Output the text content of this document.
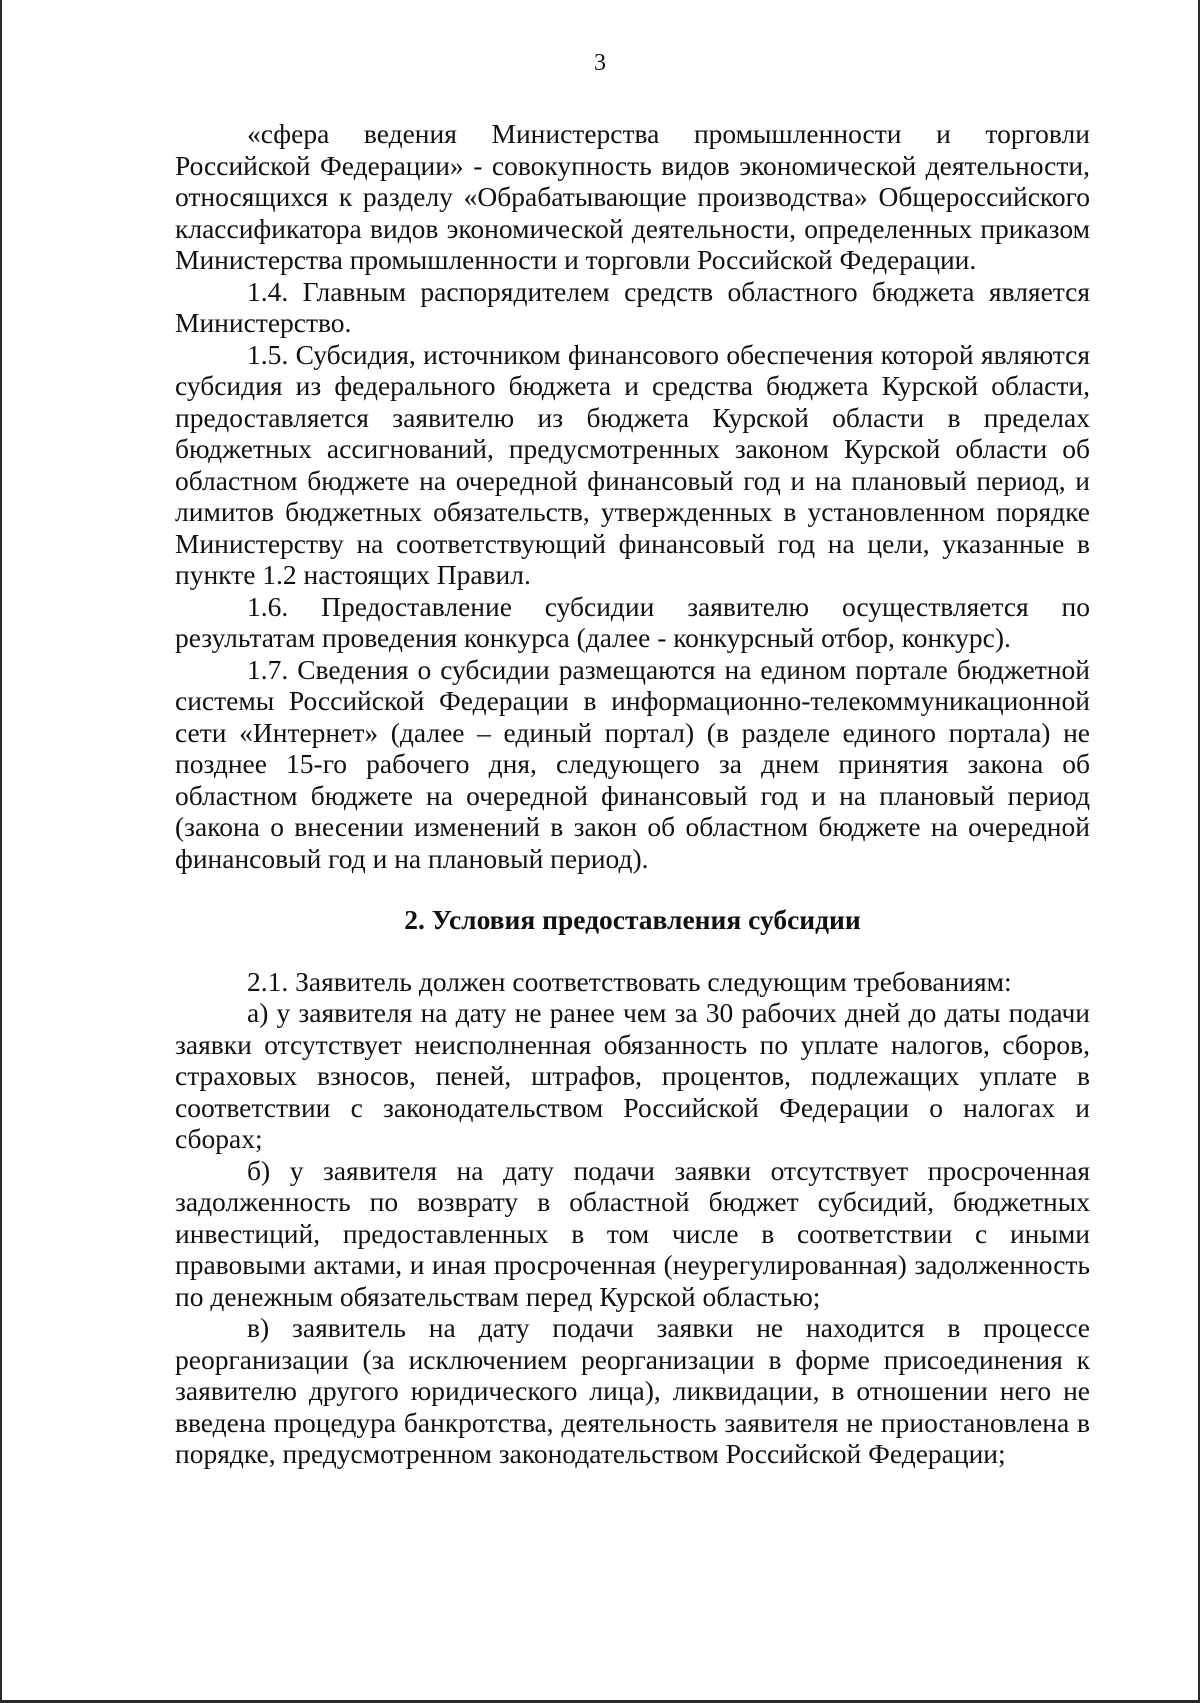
3

«сфера ведения Министерства промышленности и торговли Российской Федерации» - совокупность видов экономической деятельности, относящихся к разделу «Обрабатывающие производства» Общероссийского классификатора видов экономической деятельности, определенных приказом Министерства промышленности и торговли Российской Федерации.

1.4. Главным распорядителем средств областного бюджета является Министерство.

1.5. Субсидия, источником финансового обеспечения которой являются субсидия из федерального бюджета и средства бюджета Курской области, предоставляется заявителю из бюджета Курской области в пределах бюджетных ассигнований, предусмотренных законом Курской области об областном бюджете на очередной финансовый год и на плановый период, и лимитов бюджетных обязательств, утвержденных в установленном порядке Министерству на соответствующий финансовый год на цели, указанные в пункте 1.2 настоящих Правил.

1.6. Предоставление субсидии заявителю осуществляется по результатам проведения конкурса (далее - конкурсный отбор, конкурс).

1.7. Сведения о субсидии размещаются на едином портале бюджетной системы Российской Федерации в информационно-телекоммуникационной сети «Интернет» (далее – единый портал) (в разделе единого портала) не позднее 15-го рабочего дня, следующего за днем принятия закона об областном бюджете на очередной финансовый год и на плановый период (закона о внесении изменений в закон об областном бюджете на очередной финансовый год и на плановый период).

2. Условия предоставления субсидии

2.1. Заявитель должен соответствовать следующим требованиям:

а) у заявителя на дату не ранее чем за 30 рабочих дней до даты подачи заявки отсутствует неисполненная обязанность по уплате налогов, сборов, страховых взносов, пеней, штрафов, процентов, подлежащих уплате в соответствии с законодательством Российской Федерации о налогах и сборах;

б) у заявителя на дату подачи заявки отсутствует просроченная задолженность по возврату в областной бюджет субсидий, бюджетных инвестиций, предоставленных в том числе в соответствии с иными правовыми актами, и иная просроченная (неурегулированная) задолженность по денежным обязательствам перед Курской областью;

в) заявитель на дату подачи заявки не находится в процессе реорганизации (за исключением реорганизации в форме присоединения к заявителю другого юридического лица), ликвидации, в отношении него не введена процедура банкротства, деятельность заявителя не приостановлена в порядке, предусмотренном законодательством Российской Федерации;
